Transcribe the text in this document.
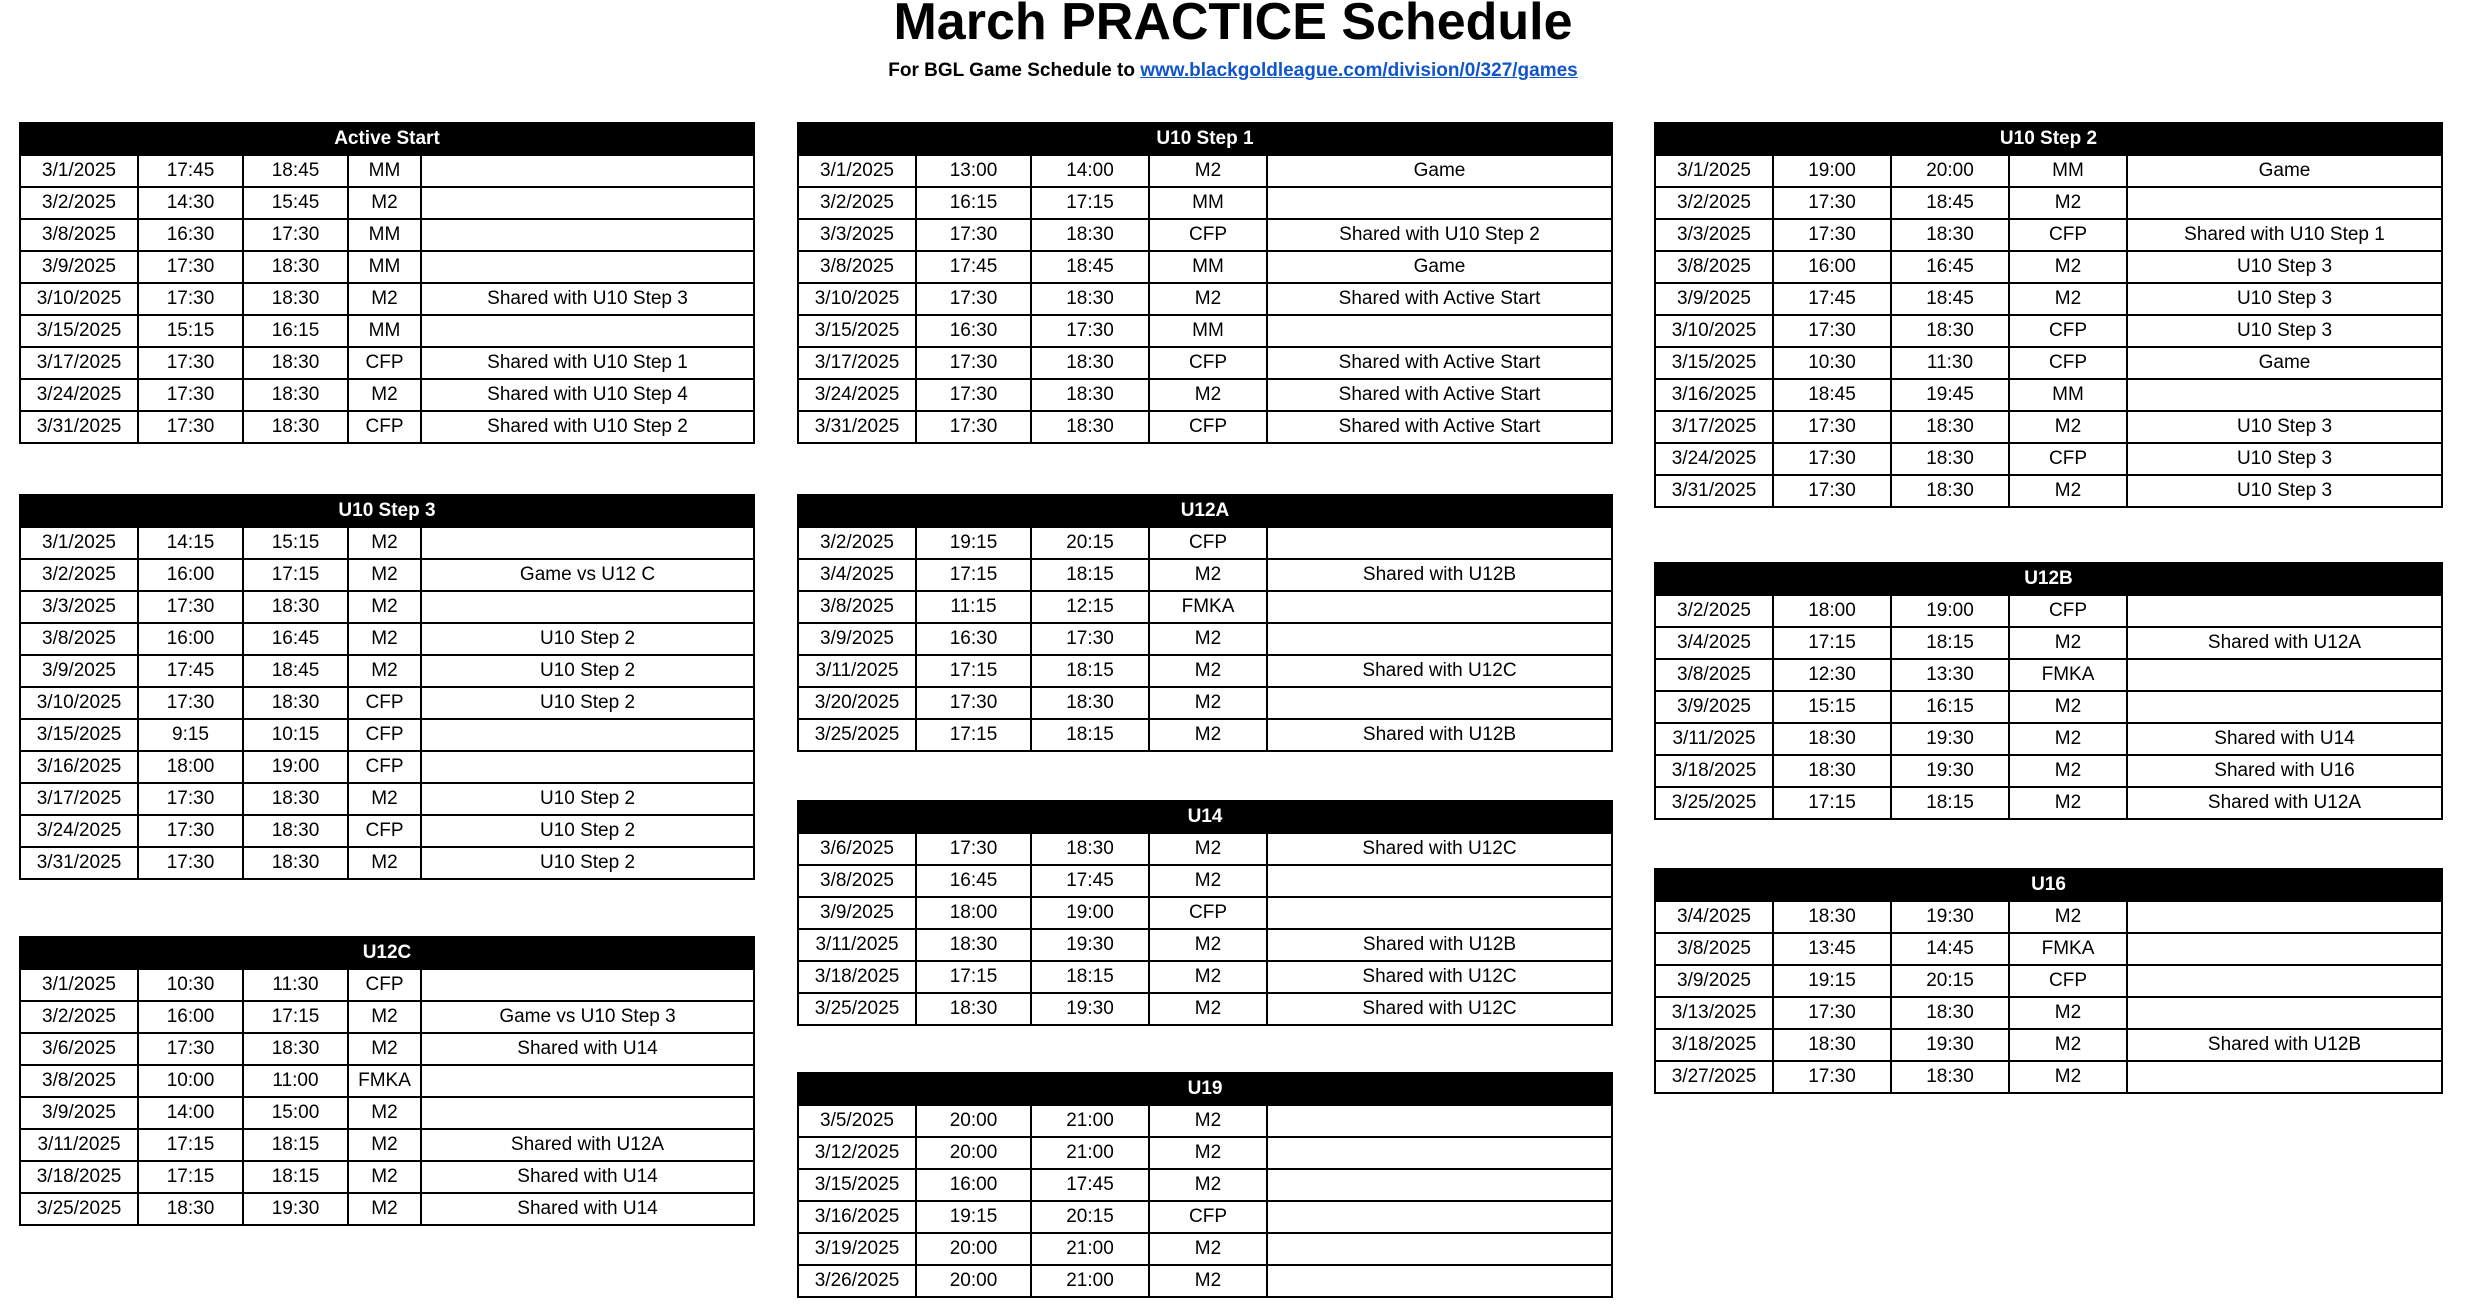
March PRACTICE Schedule
For BGL Game Schedule to www.blackgoldleague.com/division/0/327/games
Active Start				
3/1/2025	17:45	18:45	MM	
3/2/2025	14:30	15:45	M2	
3/8/2025	16:30	17:30	MM	
3/9/2025	17:30	18:30	MM	
3/10/2025	17:30	18:30	M2	Shared with U10 Step 3
3/15/2025	15:15	16:15	MM	
3/17/2025	17:30	18:30	CFP	Shared with U10 Step 1
3/24/2025	17:30	18:30	M2	Shared with U10 Step 4
3/31/2025	17:30	18:30	CFP	Shared with U10 Step 2
U10 Step 3				
3/1/2025	14:15	15:15	M2	
3/2/2025	16:00	17:15	M2	Game vs U12 C
3/3/2025	17:30	18:30	M2	
3/8/2025	16:00	16:45	M2	U10 Step 2
3/9/2025	17:45	18:45	M2	U10 Step 2
3/10/2025	17:30	18:30	CFP	U10 Step 2
3/15/2025	9:15	10:15	CFP	
3/16/2025	18:00	19:00	CFP	
3/17/2025	17:30	18:30	M2	U10 Step 2
3/24/2025	17:30	18:30	CFP	U10 Step 2
3/31/2025	17:30	18:30	M2	U10 Step 2
U12C				
3/1/2025	10:30	11:30	CFP	
3/2/2025	16:00	17:15	M2	Game vs U10 Step 3
3/6/2025	17:30	18:30	M2	Shared with U14
3/8/2025	10:00	11:00	FMKA	
3/9/2025	14:00	15:00	M2	
3/11/2025	17:15	18:15	M2	Shared with U12A
3/18/2025	17:15	18:15	M2	Shared with U14
3/25/2025	18:30	19:30	M2	Shared with U14
U10 Step 1				
3/1/2025	13:00	14:00	M2	Game
3/2/2025	16:15	17:15	MM	
3/3/2025	17:30	18:30	CFP	Shared with U10 Step 2
3/8/2025	17:45	18:45	MM	Game
3/10/2025	17:30	18:30	M2	Shared with Active Start
3/15/2025	16:30	17:30	MM	
3/17/2025	17:30	18:30	CFP	Shared with Active Start
3/24/2025	17:30	18:30	M2	Shared with Active Start
3/31/2025	17:30	18:30	CFP	Shared with Active Start
U12A				
3/2/2025	19:15	20:15	CFP	
3/4/2025	17:15	18:15	M2	Shared with U12B
3/8/2025	11:15	12:15	FMKA	
3/9/2025	16:30	17:30	M2	
3/11/2025	17:15	18:15	M2	Shared with U12C
3/20/2025	17:30	18:30	M2	
3/25/2025	17:15	18:15	M2	Shared with U12B
U14				
3/6/2025	17:30	18:30	M2	Shared with U12C
3/8/2025	16:45	17:45	M2	
3/9/2025	18:00	19:00	CFP	
3/11/2025	18:30	19:30	M2	Shared with U12B
3/18/2025	17:15	18:15	M2	Shared with U12C
3/25/2025	18:30	19:30	M2	Shared with U12C
U19				
3/5/2025	20:00	21:00	M2	
3/12/2025	20:00	21:00	M2	
3/15/2025	16:00	17:45	M2	
3/16/2025	19:15	20:15	CFP	
3/19/2025	20:00	21:00	M2	
3/26/2025	20:00	21:00	M2	
U10 Step 2				
3/1/2025	19:00	20:00	MM	Game
3/2/2025	17:30	18:45	M2	
3/3/2025	17:30	18:30	CFP	Shared with U10 Step 1
3/8/2025	16:00	16:45	M2	U10 Step 3
3/9/2025	17:45	18:45	M2	U10 Step 3
3/10/2025	17:30	18:30	CFP	U10 Step 3
3/15/2025	10:30	11:30	CFP	Game
3/16/2025	18:45	19:45	MM	
3/17/2025	17:30	18:30	M2	U10 Step 3
3/24/2025	17:30	18:30	CFP	U10 Step 3
3/31/2025	17:30	18:30	M2	U10 Step 3
U12B				
3/2/2025	18:00	19:00	CFP	
3/4/2025	17:15	18:15	M2	Shared with U12A
3/8/2025	12:30	13:30	FMKA	
3/9/2025	15:15	16:15	M2	
3/11/2025	18:30	19:30	M2	Shared with U14
3/18/2025	18:30	19:30	M2	Shared with U16
3/25/2025	17:15	18:15	M2	Shared with U12A
U16				
3/4/2025	18:30	19:30	M2	
3/8/2025	13:45	14:45	FMKA	
3/9/2025	19:15	20:15	CFP	
3/13/2025	17:30	18:30	M2	
3/18/2025	18:30	19:30	M2	Shared with U12B
3/27/2025	17:30	18:30	M2	
